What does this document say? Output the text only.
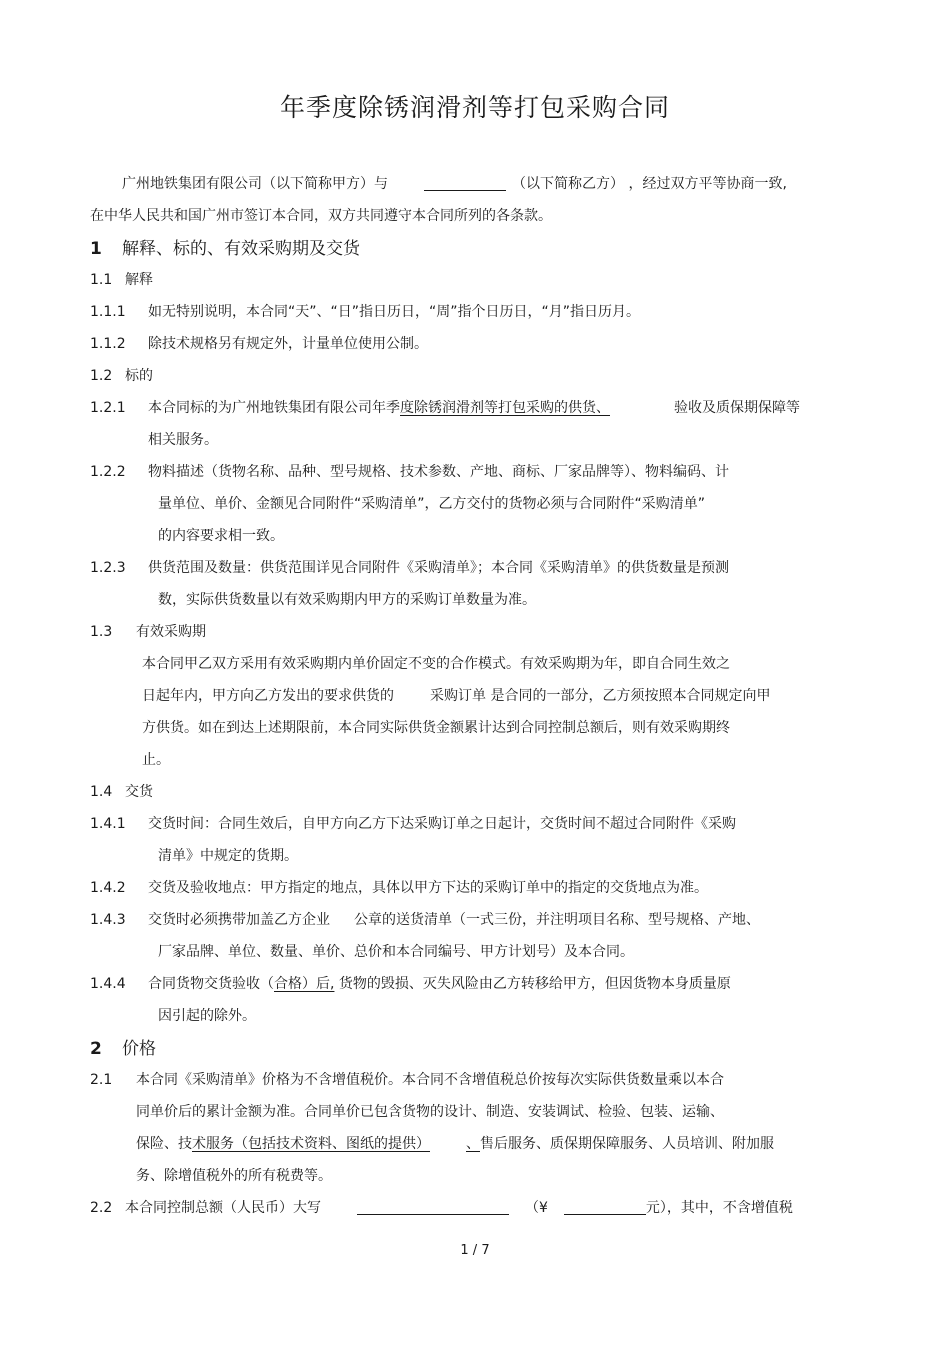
年季度除锈润滑剂等打包采购合同
广州地铁集团有限公司（以下简称甲方）与	（以下简称乙方） ，经过双方平等协商一致,
在中华人民共和国广州市签订本合同，双方共同遵守本合同所列的各条款。
1 解释、标的、有效采购期及交货
1.1 解释
1.1.1 如无特别说明，本合同“天”、“日”指日历日，“周”指个日历日，“月”指日历月。
1.1.2 除技术规格另有规定外，计量单位使用公制。
1.2 标的
1.2.1 本合同标的为广州地铁集团有限公司年季度除锈润滑剂等打包采购的供货、	验收及质保期保障等
相关服务。
1.2.2 物料描述（货物名称、品种、型号规格、技术参数、产地、商标、厂家品牌等）、物料编码、计
量单位、单价、金额见合同附件“采购清单”，乙方交付的货物必须与合同附件“采购清单”
的内容要求相一致。
1.2.3 供货范围及数量：供货范围详见合同附件《采购清单》；本合同《采购清单》的供货数量是预测
数，实际供货数量以有效采购期内甲方的采购订单数量为准。
1.3 有效采购期
本合同甲乙双方采用有效采购期内单价固定不变的合作模式。有效采购期为年，即自合同生效之
日起年内，甲方向乙方发出的要求供货的	采购订单 是合同的一部分，乙方须按照本合同规定向甲
方供货。如在到达上述期限前，本合同实际供货金额累计达到合同控制总额后，则有效采购期终
止。
1.4 交货
1.4.1 交货时间：合同生效后，自甲方向乙方下达采购订单之日起计，交货时间不超过合同附件《采购
清单》中规定的货期。
1.4.2 交货及验收地点：甲方指定的地点，具体以甲方下达的采购订单中的指定的交货地点为准。
1.4.3 交货时必须携带加盖乙方企业 公章的送货清单（一式三份，并注明项目名称、型号规格、产地、
厂家品牌、单位、数量、单价、总价和本合同编号、甲方计划号）及本合同。
1.4.4 合同货物交货验收（合格）后, 货物的毁损、灭失风险由乙方转移给甲方，但因货物本身质量原
因引起的除外。
2 价格
2.1 本合同《采购清单》价格为不含增值税价。本合同不含增值税总价按每次实际供货数量乘以本合
同单价后的累计金额为准。合同单价已包含货物的设计、制造、安装调试、检验、包装、运输、
保险、技术服务（包括技术资料、图纸的提供）	、售后服务、质保期保障服务、人员培训、附加服
务、除增值税外的所有税费等。
2.2 本合同控制总额（人民币）大写	（¥	元），其中，不含增值税
1 / 7
